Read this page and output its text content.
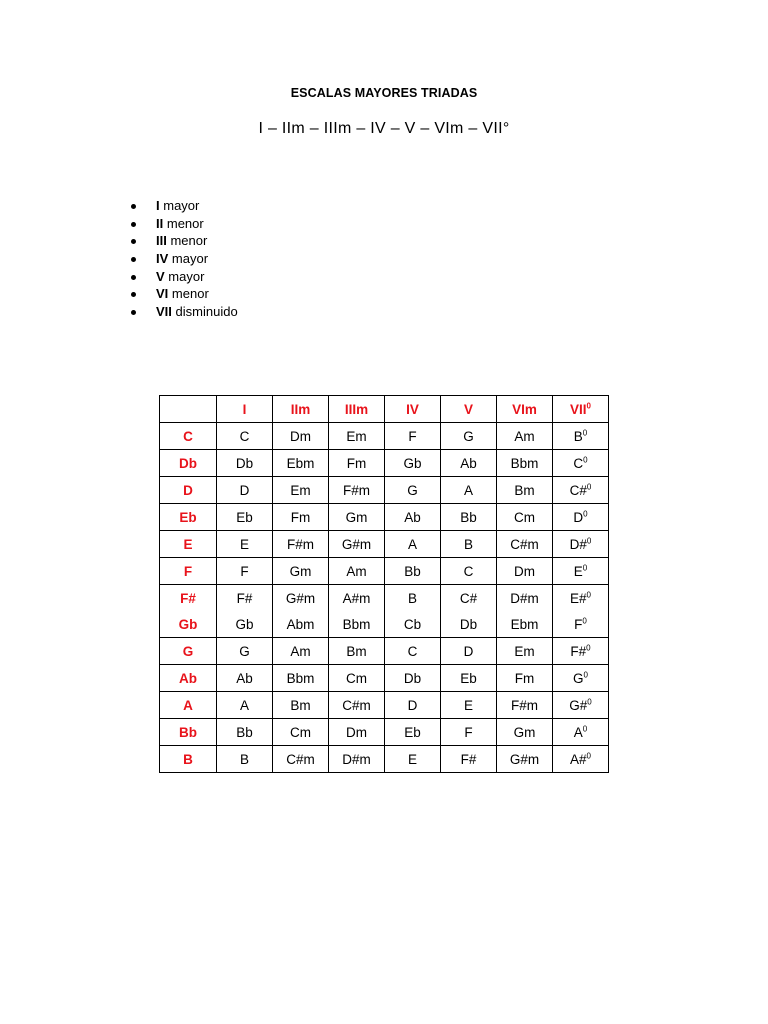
ESCALAS MAYORES TRIADAS
I – IIm – IIIm – IV – V – VIm – VII°
I mayor
II menor
III menor
IV mayor
V mayor
VI menor
VII disminuido
	I	IIm	IIIm	IV	V	VIm	VII$^0$
C	C	Dm	Em	F	G	Am	$B^0$
Db	Db	Ebm	Fm	Gb	Ab	Bbm	$C^0$
D	D	Em	F#m	G	A	Bm	C#$^0$
Eb	Eb	Fm	Gm	Ab	Bb	Cm	$D^0$
E	E	F#m	G#m	A	B	C#m	D#$^0$
F	F	Gm	Am	Bb	C	Dm	$E^0$
F#	F#	G#m	A#m	B	C#	D#m	E#$^0$
Gb	Gb	Abm	Bbm	Cb	Db	Ebm	$F^0$
G	G	Am	Bm	C	D	Em	F#$^0$
Ab	Ab	Bbm	Cm	Db	Eb	Fm	$G^0$
A	A	Bm	C#m	D	E	F#m	G#$^0$
Bb	Bb	Cm	Dm	Eb	F	Gm	$A^0$
B	B	C#m	D#m	E	F#	G#m	A#$^0$
